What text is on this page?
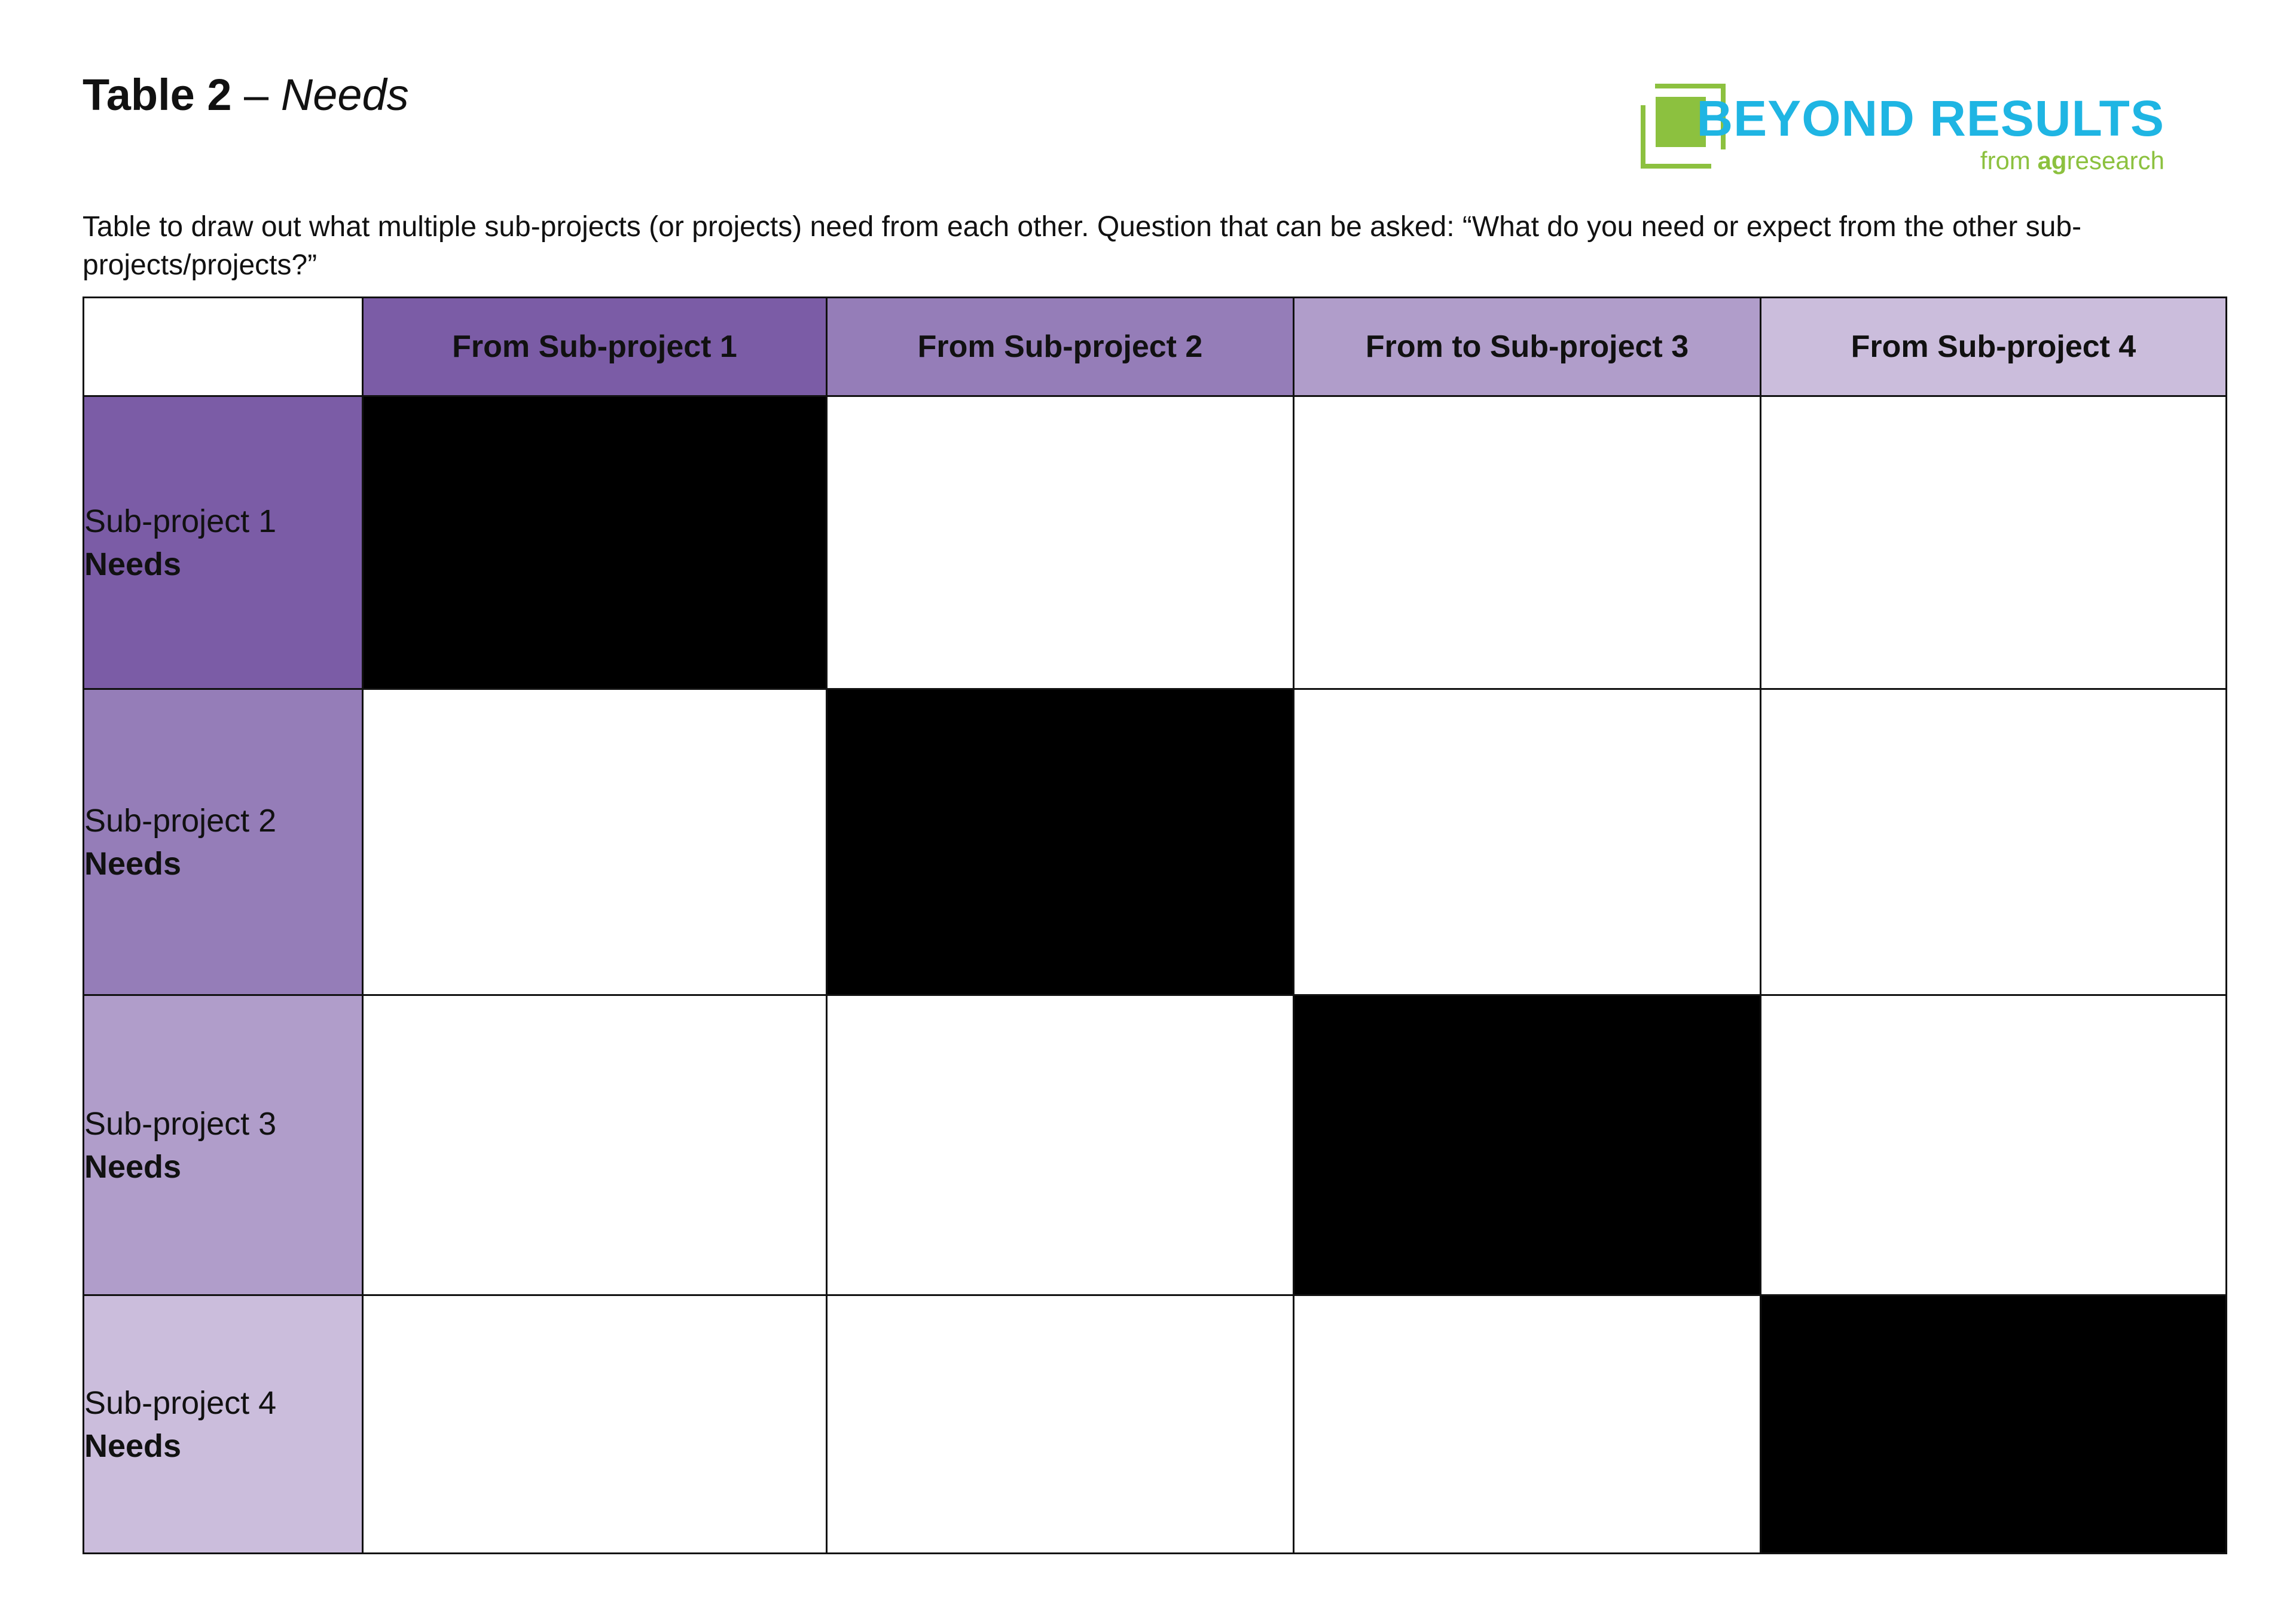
Table 2 – Needs	BEYOND RESULTS
from agresearch
Table to draw out what multiple sub-projects (or projects) need from each other. Question that can be asked: “What do you need or expect from the other sub-projects/projects?”
	From Sub-project 1	From Sub-project 2	From to Sub-project 3	From Sub-project 4

Sub-project 1
Needs				

Sub-project 2
Needs				

Sub-project 3
Needs				

Sub-project 4
Needs				
